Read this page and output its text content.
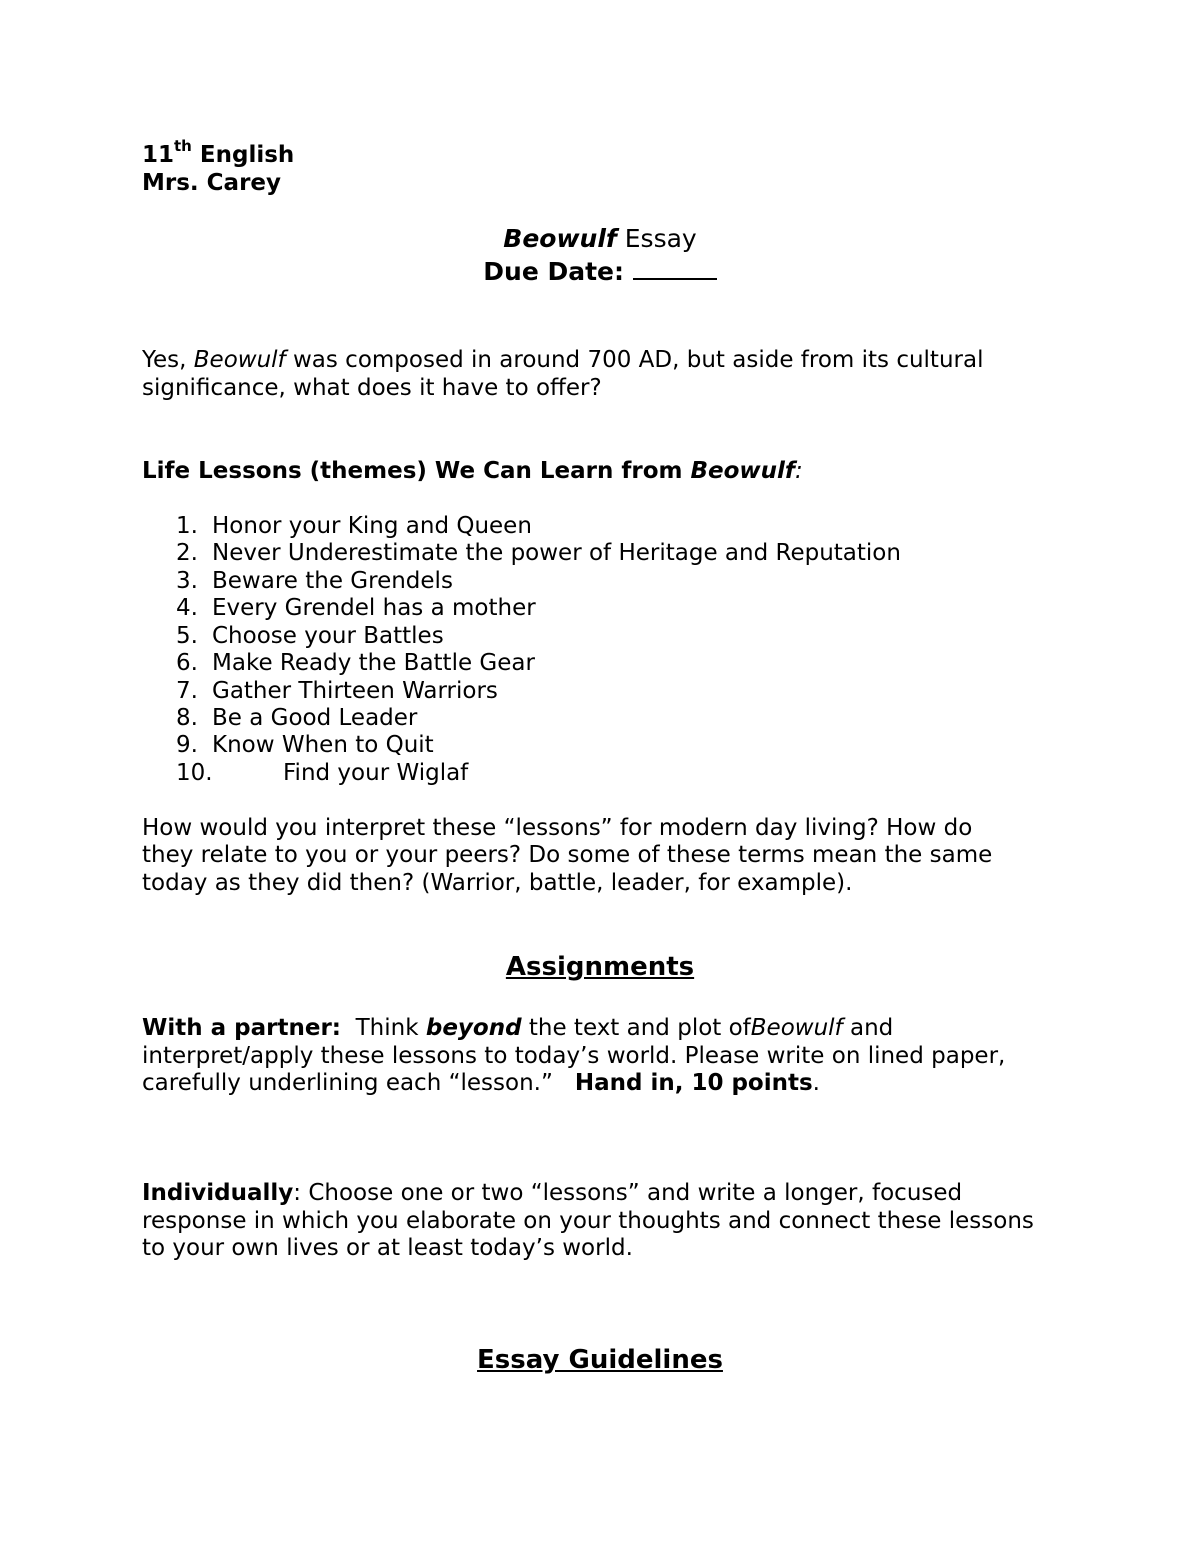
11th English
Mrs. Carey
Beowulf Essay
Due Date:
Yes, Beowulf was composed in around 700 AD, but aside from its cultural
significance, what does it have to offer?
Life Lessons (themes) We Can Learn from Beowulf:
1. Honor your King and Queen
2. Never Underestimate the power of Heritage and Reputation
3. Beware the Grendels
4. Every Grendel has a mother
5. Choose your Battles
6. Make Ready the Battle Gear
7. Gather Thirteen Warriors
8. Be a Good Leader
9. Know When to Quit
10.	Find your Wiglaf
How would you interpret these “lessons” for modern day living? How do
they relate to you or your peers? Do some of these terms mean the same
today as they did then? (Warrior, battle, leader, for example).
Assignments
With a partner: Think beyond the text and plot ofBeowulf and
interpret/apply these lessons to today’s world. Please write on lined paper,
carefully underlining each “lesson.” Hand in, 10 points.
Individually: Choose one or two “lessons” and write a longer, focused
response in which you elaborate on your thoughts and connect these lessons
to your own lives or at least today’s world.
Essay Guidelines
